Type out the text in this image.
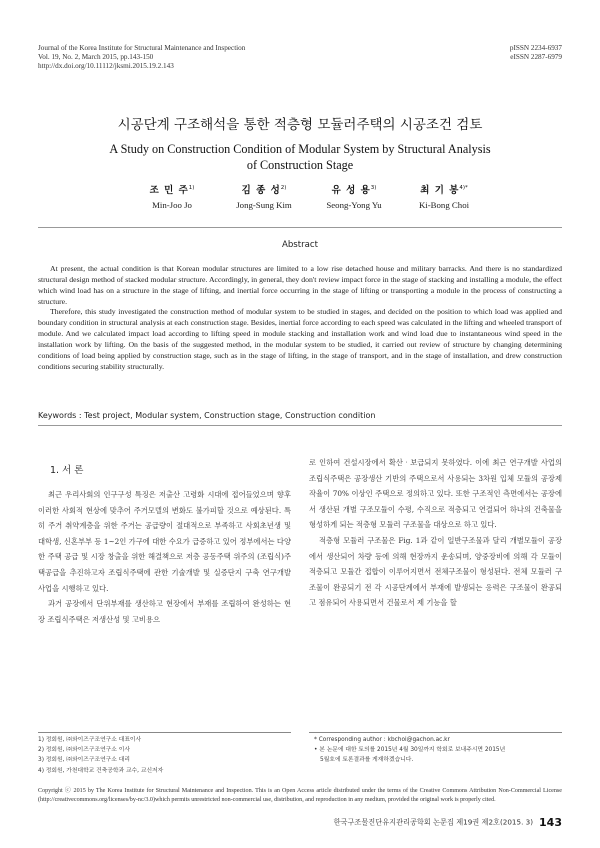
Journal of the Korea Institute for Structural Maintenance and Inspection
Vol. 19, No. 2, March 2015, pp.143-150
http://dx.doi.org/10.11112/jksmi.2015.19.2.143
pISSN 2234-6937
eISSN 2287-6979
시공단계 구조해석을 통한 적층형 모듈러주택의 시공조건 검토
A Study on Construction Condition of Modular System by Structural Analysis
of Construction Stage
조 민 주$^{1)}$
Min-Joo Jo
김 종 성$^{2)}$
Jong-Sung Kim
유 성 용$^{3)}$
Seong-Yong Yu
최 기 봉$^{4)*}$
Ki-Bong Choi
Abstract

At present, the actual condition is that Korean modular structures are limited to a low rise detached house and military barracks. And there is no standardized structural design method of stacked modular structure. Accordingly, in general, they don't review impact force in the stage of stacking and installing a module, the effect which wind load has on a structure in the stage of lifting, and inertial force occurring in the stage of lifting or transporting a module in the process of constructing a structure.

Therefore, this study investigated the construction method of modular system to be studied in stages, and decided on the position to which load was applied and boundary condition in structural analysis at each construction stage. Besides, inertial force according to each speed was calculated in the lifting and wheeled transport of module. And we calculated impact load according to lifting speed in module stacking and installation work and wind load due to instantaneous wind speed in the installation work by lifting. On the basis of the suggested method, in the modular system to be studied, it carried out review of structure by changing determining conditions of load being applied by construction stage, such as in the stage of lifting, in the stage of transport, and in the stage of installation, and drew construction conditions securing stability structurally.

Keywords : Test project, Modular system, Construction stage, Construction condition
1. 서 론

최근 우리사회의 인구구성 특징은 저출산 고령화 시대에 접어들었으며 향후 이러한 사회적 현상에 맞추어 주거모델의 변화도 불가피할 것으로 예상된다. 특히 주거 취약계층을 위한 주거는 공급량이 절대적으로 부족하고 사회초년생 및 대학생, 신혼부부 등 1~2인 가구에 대한 수요가 급증하고 있어 정부에서는 다양한 주택 공급 및 시장 창출을 위한 해결책으로 저층 공동주택 위주의 (조립식)주택공급을 추진하고자 조립식주택에 관한 기술개발 및 실증단지 구축 연구개발 사업을 시행하고 있다.

과거 공장에서 단위부재를 생산하고 현장에서 부재를 조립하여 완성하는 현장 조립식주택은 저생산성 및 고비용으

로 인하여 건설시장에서 확산‧보급되지 못하였다. 이에 최근 연구개발 사업의 조립식주택은 공장생산 기반의 주택으로서 사용되는 3차원 입체 모듈의 공장제작율이 70% 이상인 주택으로 정의하고 있다. 또한 구조적인 측면에서는 공장에서 생산된 개별 구조모듈이 수평, 수직으로 적층되고 연결되어 하나의 건축물을 형성하게 되는 적층형 모듈러 구조물을 대상으로 하고 있다.

적층형 모듈러 구조물은 Fig. 1과 같이 일반구조물과 달리 개별모듈이 공장에서 생산되어 차량 등에 의해 현장까지 운송되며, 양중장비에 의해 각 모듈이 적층되고 모듈간 접합이 이루어지면서 전체구조물이 형성된다. 전체 모듈러 구조물이 완공되기 전 각 시공단계에서 부재에 발생되는 응력은 구조물이 완공되고 점유되어 사용되면서 건물로서 제 기능을 할

1) 정회원, ㈜와이즈구조연구소 대표이사
2) 정회원, ㈜와이즈구조연구소 이사
3) 정회원, ㈜와이즈구조연구소 대리
4) 정회원, 가천대학교 건축공학과 교수, 교신저자
* Corresponding author : kbchoi@gachon.ac.kr
• 본 논문에 대한 토의를 2015년 4월 30일까지 학회로 보내주시면 2015년
5월호에 토론결과를 게재하겠습니다.
Copyright ⓒ 2015 by The Korea Institute for Structural Maintenance and Inspection. This is an Open Access article distributed under the terms of the Creative Commons Attribution Non-Commercial License (http://creativecommons.org/licenses/by-nc/3.0)which permits unrestricted non-commercial use, distribution, and reproduction in any medium, provided the original work is properly cited.
한국구조물진단유지관리공학회 논문집 제19권 제2호(2015. 3) 143
